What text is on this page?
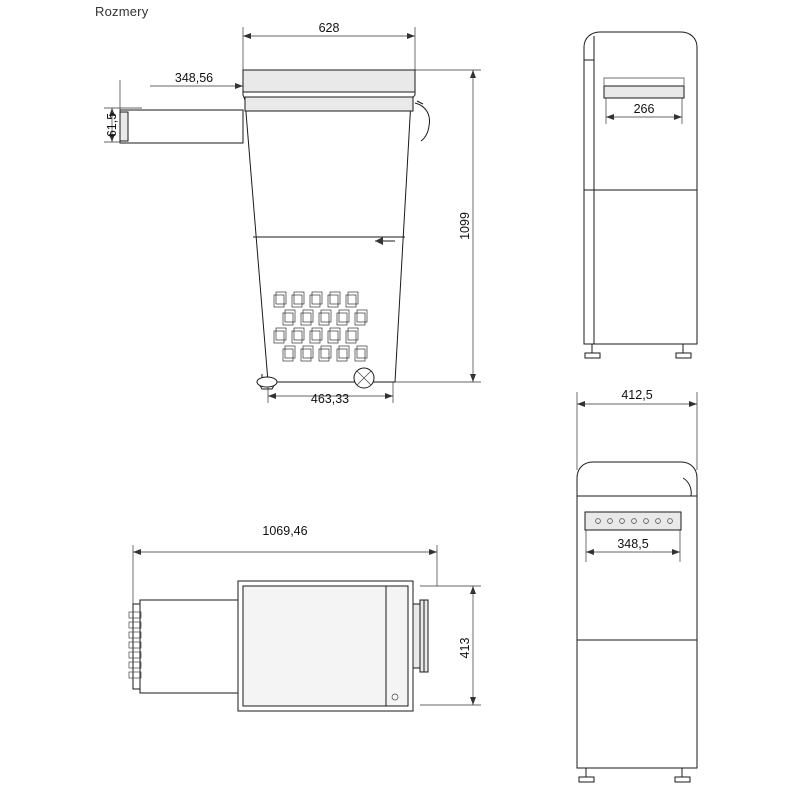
Rozmery
628
348,56
61,5
1099
463,33
266
1069,46
413
412,5
348,5
